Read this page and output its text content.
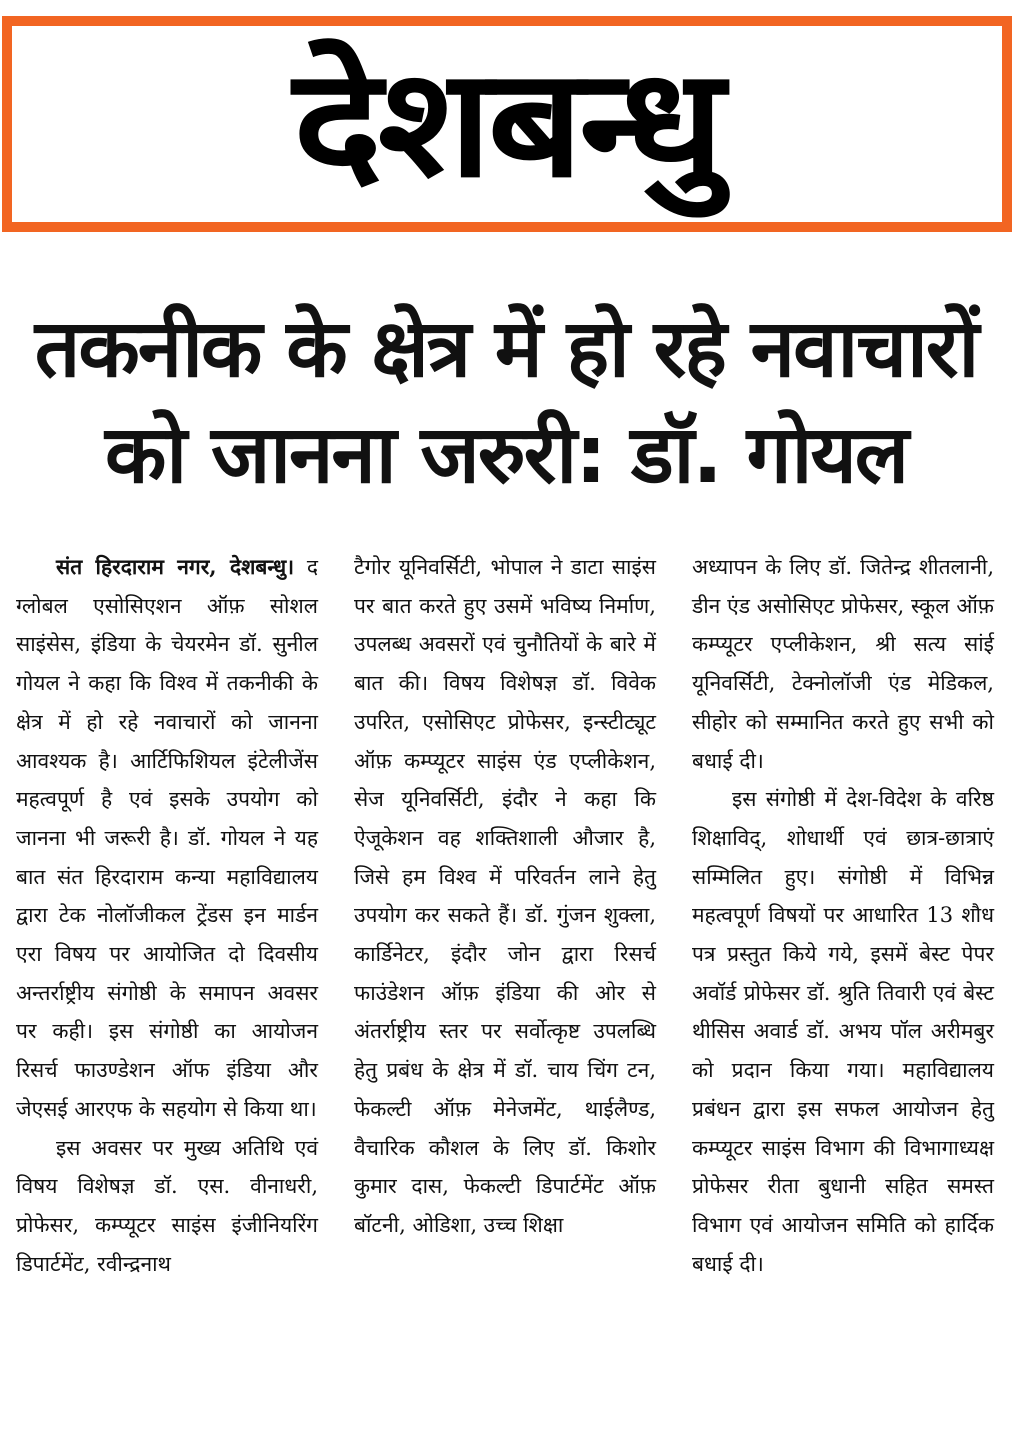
देशबन्धु
तकनीक के क्षेत्र में हो रहे नवाचारों
को जानना जरुरी: डॉ. गोयल

संत हिरदाराम नगर, देशबन्धु। द ग्लोबल एसोसिएशन ऑफ़ सोशल साइंसेस, इंडिया के चेयरमेन डॉ. सुनील गोयल ने कहा कि विश्व में तकनीकी के क्षेत्र में हो रहे नवाचारों को जानना आवश्यक है। आर्टिफिशियल इंटेलीजेंस महत्वपूर्ण है एवं इसके उपयोग को जानना भी जरूरी है। डॉ. गोयल ने यह बात संत हिरदाराम कन्या महाविद्यालय द्वारा टेक नोलॉजीकल ट्रेंडस इन मार्डन एरा विषय पर आयोजित दो दिवसीय अन्तर्राष्ट्रीय संगोष्ठी के समापन अवसर पर कही। इस संगोष्ठी का आयोजन रिसर्च फाउण्डेशन ऑफ इंडिया और जेएसई आरएफ के सहयोग से किया था।

इस अवसर पर मुख्य अतिथि एवं विषय विशेषज्ञ डॉ. एस. वीनाधरी, प्रोफेसर, कम्प्यूटर साइंस इंजीनियरिंग डिपार्टमेंट, रवीन्द्रनाथ

टैगोर यूनिवर्सिटी, भोपाल ने डाटा साइंस पर बात करते हुए उसमें भविष्य निर्माण, उपलब्ध अवसरों एवं चुनौतियों के बारे में बात की। विषय विशेषज्ञ डॉ. विवेक उपरित, एसोसिएट प्रोफेसर, इन्स्टीट्यूट ऑफ़ कम्प्यूटर साइंस एंड एप्लीकेशन, सेज यूनिवर्सिटी, इंदौर ने कहा कि ऐजूकेशन वह शक्तिशाली औजार है, जिसे हम विश्व में परिवर्तन लाने हेतु उपयोग कर सकते हैं। डॉ. गुंजन शुक्ला, कार्डिनेटर, इंदौर जोन द्वारा रिसर्च फाउंडेशन ऑफ़ इंडिया की ओर से अंतर्राष्ट्रीय स्तर पर सर्वोत्कृष्ट उपलब्धि हेतु प्रबंध के क्षेत्र में डॉ. चाय चिंग टन, फेकल्टी ऑफ़ मेनेजमेंट, थाईलैण्ड, वैचारिक कौशल के लिए डॉ. किशोर कुमार दास, फेकल्टी डिपार्टमेंट ऑफ़ बॉटनी, ओडिशा, उच्च शिक्षा

अध्यापन के लिए डॉ. जितेन्द्र शीतलानी, डीन एंड असोसिएट प्रोफेसर, स्कूल ऑफ़ कम्प्यूटर एप्लीकेशन, श्री सत्य सांई यूनिवर्सिटी, टेक्नोलॉजी एंड मेडिकल, सीहोर को सम्मानित करते हुए सभी को बधाई दी।

इस संगोष्ठी में देश-विदेश के वरिष्ठ शिक्षाविद्, शोधार्थी एवं छात्र-छात्राएं सम्मिलित हुए। संगोष्ठी में विभिन्न महत्वपूर्ण विषयों पर आधारित 13 शौध पत्र प्रस्तुत किये गये, इसमें बेस्ट पेपर अवॉर्ड प्रोफेसर डॉ. श्रुति तिवारी एवं बेस्ट थीसिस अवार्ड डॉ. अभय पॉल अरीमबुर को प्रदान किया गया। महाविद्यालय प्रबंधन द्वारा इस सफल आयोजन हेतु कम्प्यूटर साइंस विभाग की विभागाध्यक्ष प्रोफेसर रीता बुधानी सहित समस्त विभाग एवं आयोजन समिति को हार्दिक बधाई दी।
